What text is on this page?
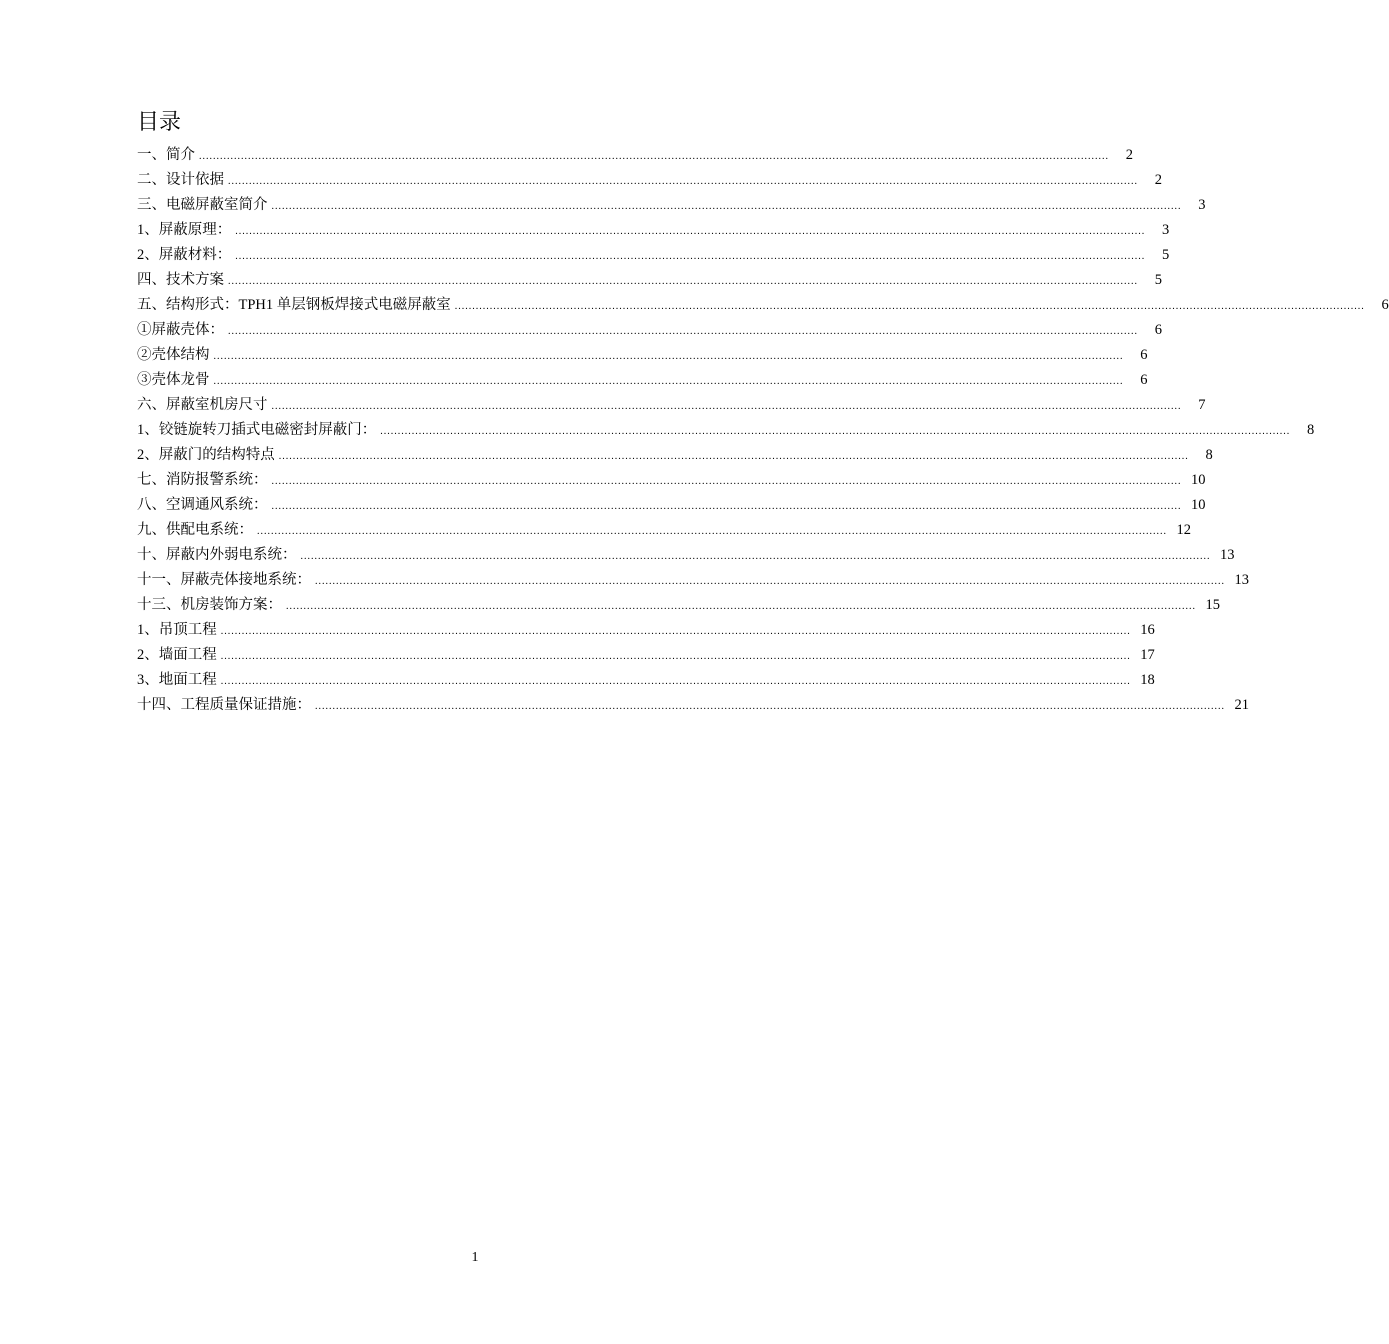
目录
一、简介 ....................................................................................................................................................................................................................................................................	2
二、设计依据 ....................................................................................................................................................................................................................................................................	2
三、电磁屏蔽室简介 ....................................................................................................................................................................................................................................................................	3
1、屏蔽原理： ....................................................................................................................................................................................................................................................................	3
2、屏蔽材料： ....................................................................................................................................................................................................................................................................	5
四、技术方案 ....................................................................................................................................................................................................................................................................	5
五、结构形式：TPH1 单层钢板焊接式电磁屏蔽室 ....................................................................................................................................................................................................................................................................	6
①屏蔽壳体： ....................................................................................................................................................................................................................................................................	6
②壳体结构 ....................................................................................................................................................................................................................................................................	6
③壳体龙骨 ....................................................................................................................................................................................................................................................................	6
六、屏蔽室机房尺寸 ....................................................................................................................................................................................................................................................................	7
1、铰链旋转刀插式电磁密封屏蔽门： ....................................................................................................................................................................................................................................................................	8
2、屏蔽门的结构特点 ....................................................................................................................................................................................................................................................................	8
七、消防报警系统： .................................................................................................................................................................................................................................................................... 10
八、空调通风系统： .................................................................................................................................................................................................................................................................... 10
九、供配电系统： .................................................................................................................................................................................................................................................................... 12
十、屏蔽内外弱电系统： .................................................................................................................................................................................................................................................................... 13
十一、屏蔽壳体接地系统： .................................................................................................................................................................................................................................................................... 13
十三、机房装饰方案： .................................................................................................................................................................................................................................................................... 15
1、吊顶工程 .................................................................................................................................................................................................................................................................... 16
2、墙面工程 .................................................................................................................................................................................................................................................................... 17
3、地面工程 .................................................................................................................................................................................................................................................................... 18
十四、工程质量保证措施： .................................................................................................................................................................................................................................................................... 21
1
